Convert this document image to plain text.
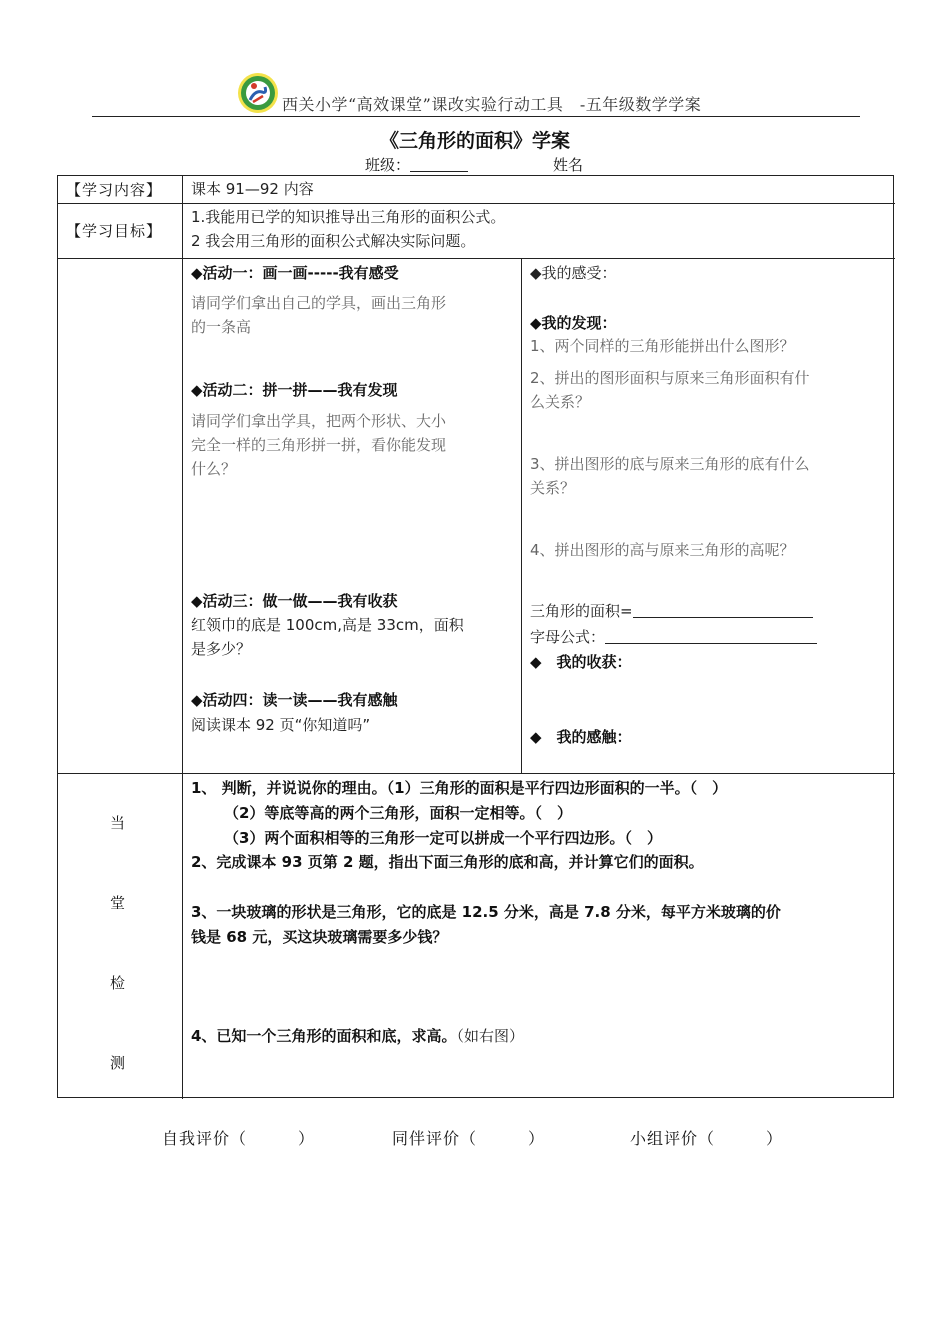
西关小学“高效课堂”课改实验行动工具　-五年级数学学案
《三角形的面积》学案
班级：	姓名
【学习内容】 课本 91—92 内容
【学习目标】
1.我能用已学的知识推导出三角形的面积公式。
2 我会用三角形的面积公式解决实际问题。
◆活动一：画一画-----我有感受
请同学们拿出自己的学具，画出三角形
的一条高
◆活动二：拼一拼——我有发现
请同学们拿出学具，把两个形状、大小
完全一样的三角形拼一拼，看你能发现
什么？
◆活动三：做一做——我有收获
红领巾的底是 100cm,高是 33cm，面积
是多少？
◆活动四：读一读——我有感触
阅读课本 92 页“你知道吗”
◆我的感受：
◆我的发现：
1、两个同样的三角形能拼出什么图形？
2、拼出的图形面积与原来三角形面积有什
么关系？
3、拼出图形的底与原来三角形的底有什么
关系？
4、拼出图形的高与原来三角形的高呢？
三角形的面积=
字母公式：
◆　我的收获：
◆　我的感触：
当
堂
检
测
1、 判断，并说说你的理由。（1）三角形的面积是平行四边形面积的一半。（　）
（2）等底等高的两个三角形，面积一定相等。（　）
（3）两个面积相等的三角形一定可以拼成一个平行四边形。（　）
2、完成课本 93 页第 2 题，指出下面三角形的底和高，并计算它们的面积。
3、一块玻璃的形状是三角形，它的底是 12.5 分米，高是 7.8 分米，每平方米玻璃的价
钱是 68 元，买这块玻璃需要多少钱？
4、已知一个三角形的面积和底，求高。（如右图）
自我评价（　　　）	同伴评价（　　　）	小组评价（　　　）
